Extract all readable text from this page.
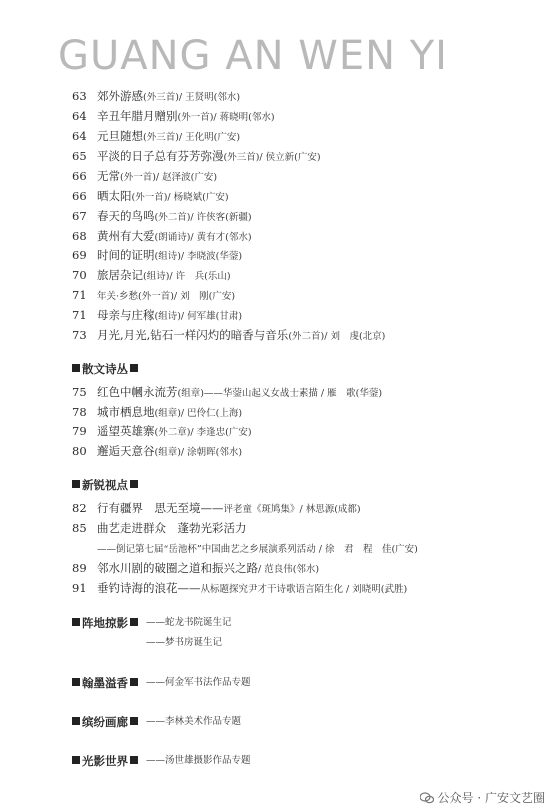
GUANG AN WEN YI
63 郊外游感(外三首)/ 王贤明(邻水)
64 辛丑年腊月赠别(外一首)/ 蒋晓明(邻水)
64 元旦随想(外三首)/ 王化明(广安)
65 平淡的日子总有芬芳弥漫(外三首)/ 侯立新(广安)
66 无常(外一首)/ 赵泽波(广安)
66 晒太阳(外一首)/ 杨晓斌(广安)
67 春天的鸟鸣(外二首)/ 许侠客(新疆)
68 黄州有大爱(朗诵诗)/ 黄有才(邻水)
69 时间的证明(组诗)/ 李晓波(华蓥)
70 旅居杂记(组诗)/ 许　兵(乐山)
71 年关·乡愁(外一首)/ 刘　刚(广安)
71 母亲与庄稼(组诗)/ 何军雄(甘肃)
73 月光,月光,钻石一样闪灼的暗香与音乐(外二首)/ 刘　虔(北京)
散文诗丛
75 红色中幗永流芳(组章)——华蓥山起义女战士素描 / 雁　歌(华蓥)
78 城市栖息地(组章)/ 巴伶仁(上海)
79 遥望英雄寨(外二章)/ 李逢忠(广安)
80 邂逅天意谷(组章)/ 涂朝晖(邻水)
新锐视点
82 行有疆界　思无至境——评老童《斑鸠集》/ 林思源(成都)
85 曲艺走进群众　蓬勃光彩活力
——倒记第七届“岳池杯”中国曲艺之乡展演系列活动 / 徐　君　程　佳(广安)
89 邻水川剧的破圈之道和振兴之路/ 范良伟(邻水)
91 垂钓诗海的浪花——从标题探究尹才干诗歌语言陌生化 / 刘晓明(武胜)
阵地掠影	——蛇龙书院诞生记
——梦书房诞生记
翰墨溢香	——何金军书法作品专题
缤纷画廊	——李林美术作品专题
光影世界	——汤世雄摄影作品专题
公众号 · 广安文艺圈
